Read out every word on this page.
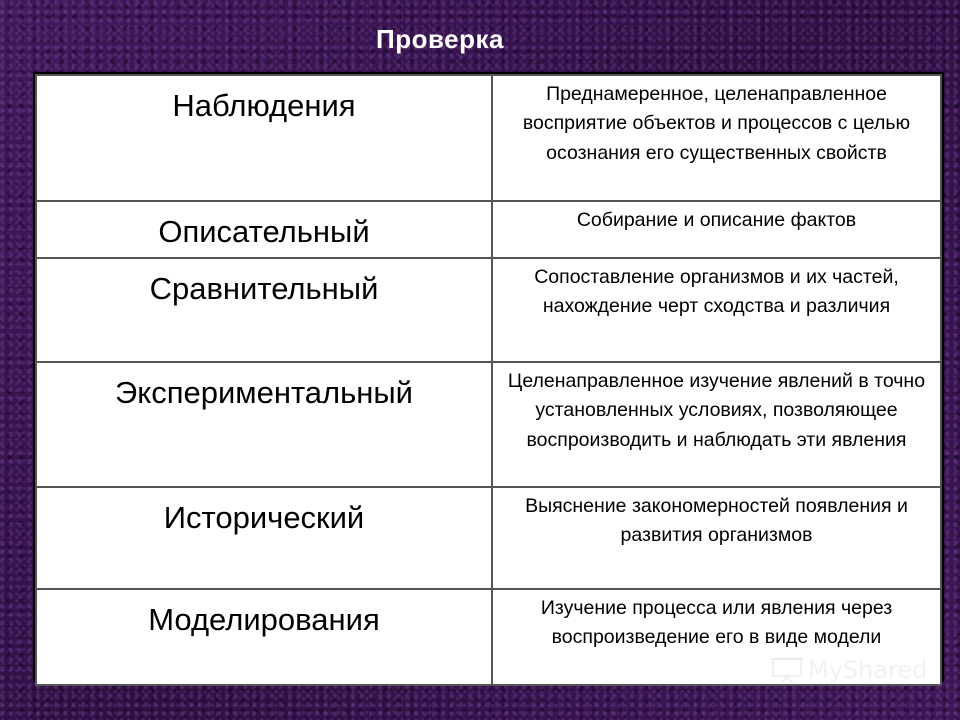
Проверка
Наблюдения	Преднамеренное, целенаправленное восприятие объектов и процессов с целью осознания его существенных свойств
Описательный	Собирание и описание фактов
Сравнительный	Сопоставление организмов и их частей, нахождение черт сходства и различия
Экспериментальный	Целенаправленное изучение явлений в точно установленных условиях, позволяющее воспроизводить и наблюдать эти явления
Исторический	Выяснение закономерностей появления и развития организмов
Моделирования	Изучение процесса или явления через воспроизведение его в виде модели
MyShared
